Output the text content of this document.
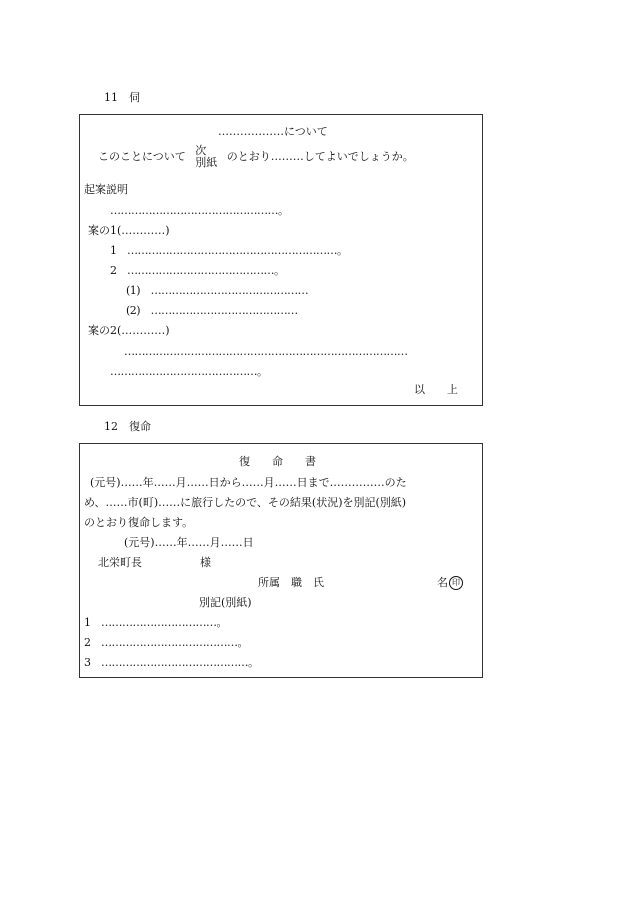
11　伺
………………について
このことについて 次
別紙 のとおり………してよいでしょうか。
起案説明
…………………………………………。
案の1(…………)
1　……………………………………………………。
2　……………………………………。
(1)　………………………………………
(2)　……………………………………
案の2(…………)
………………………………………………………………………
……………………………………。
以　　上
12　復命
復　　命　　書
(元号)……年……月……日から……月……日まで……………のた
め、……市(町)……に旅行したので、その結果(状況)を別記(別紙)
のとおり復命します。
(元号)……年……月……日
北栄町長	様
所属　職　氏	名 印
別記(別紙)
1　……………………………。
2　…………………………………。
3　……………………………………。
